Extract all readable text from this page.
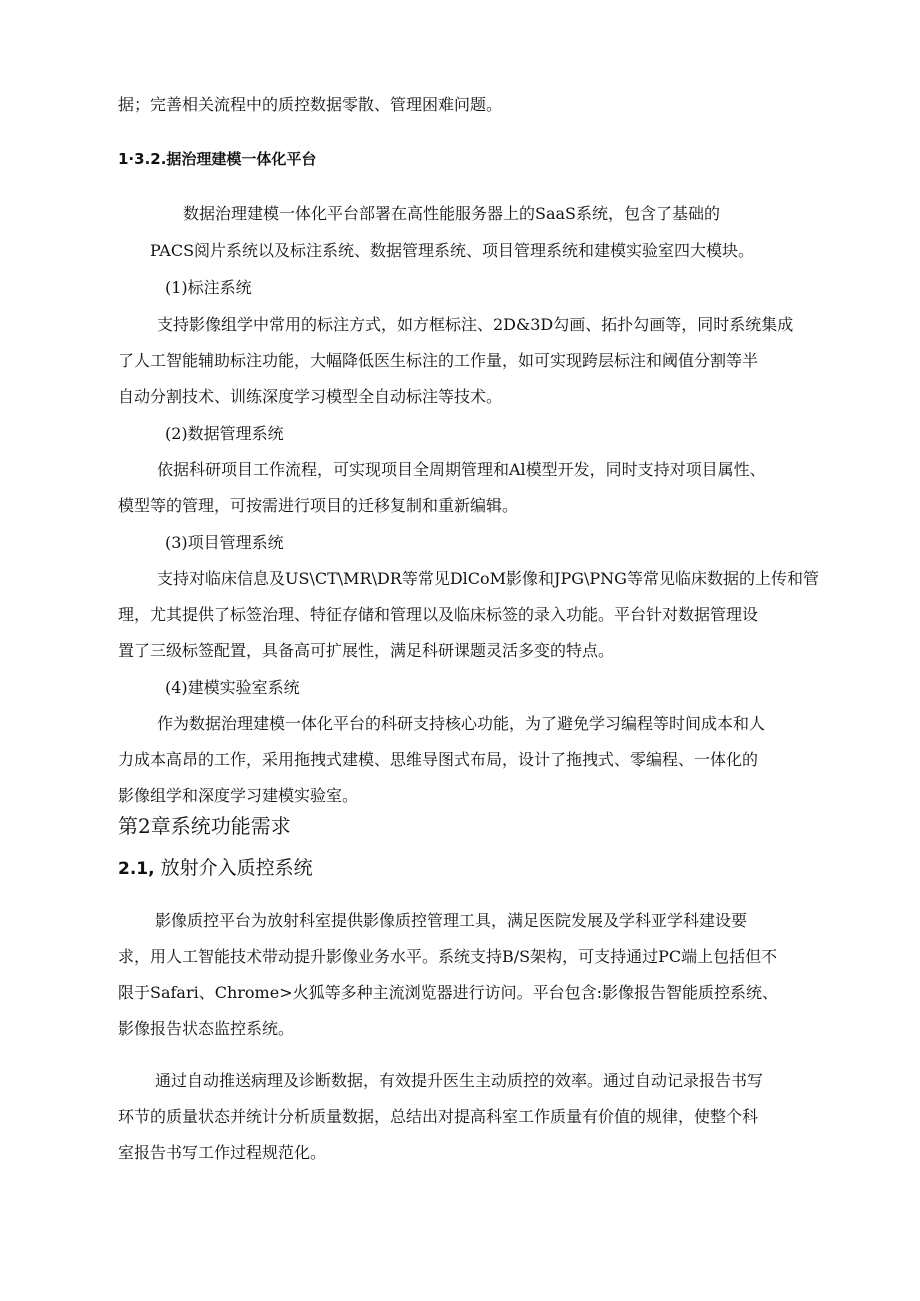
据；完善相关流程中的质控数据零散、管理困难问题。
1·3.2.据治理建模一体化平台
数据治理建模一体化平台部署在高性能服务器上的SaaS系统，包含了基础的
PACS阅片系统以及标注系统、数据管理系统、项目管理系统和建模实验室四大模块。
(1)标注系统
支持影像组学中常用的标注方式，如方框标注、2D&3D勾画、拓扑勾画等，同时系统集成
了人工智能辅助标注功能，大幅降低医生标注的工作量，如可实现跨层标注和阈值分割等半
自动分割技术、训练深度学习模型全自动标注等技术。
(2)数据管理系统
依据科研项目工作流程，可实现项目全周期管理和Al模型开发，同时支持对项目属性、
模型等的管理，可按需进行项目的迁移复制和重新编辑。
(3)项目管理系统
支持对临床信息及US\CT\MR\DR等常见DlCoM影像和JPG\PNG等常见临床数据的上传和管
理，尤其提供了标签治理、特征存储和管理以及临床标签的录入功能。平台针对数据管理设
置了三级标签配置，具备高可扩展性，满足科研课题灵活多变的特点。
(4)建模实验室系统
作为数据治理建模一体化平台的科研支持核心功能，为了避免学习编程等时间成本和人
力成本高昂的工作，采用拖拽式建模、思维导图式布局，设计了拖拽式、零编程、一体化的
影像组学和深度学习建模实验室。
第2章系统功能需求
2.1, 放射介入质控系统
影像质控平台为放射科室提供影像质控管理工具，满足医院发展及学科亚学科建设要
求，用人工智能技术带动提升影像业务水平。系统支持B/S架构，可支持通过PC端上包括但不
限于Safari、Chrome>火狐等多种主流浏览器进行访问。平台包含:影像报告智能质控系统、
影像报告状态监控系统。
通过自动推送病理及诊断数据，有效提升医生主动质控的效率。通过自动记录报告书写
环节的质量状态并统计分析质量数据，总结出对提高科室工作质量有价值的规律，使整个科
室报告书写工作过程规范化。
